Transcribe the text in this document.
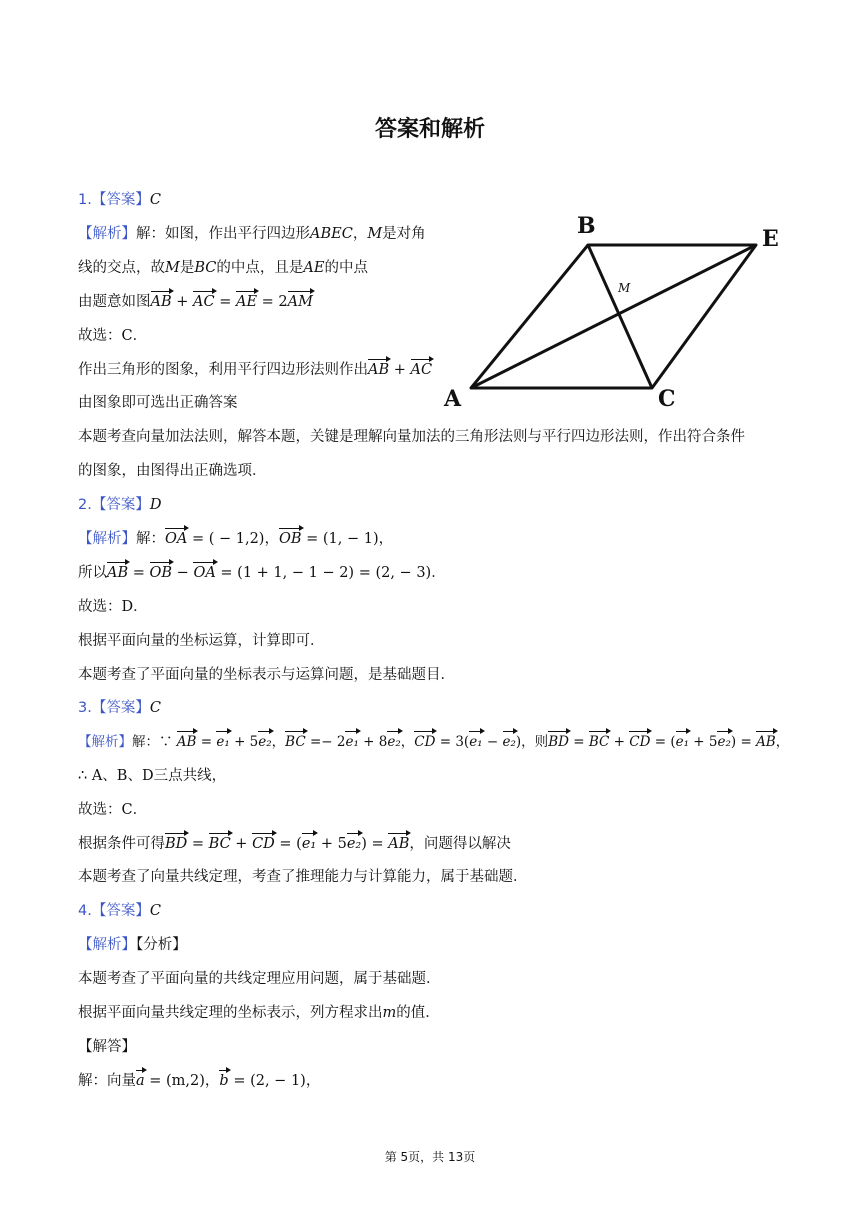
答案和解析
B	E
A	C
M
1.【答案】C
【解析】解：如图，作出平行四边形ABEC，M是对角
线的交点，故M是BC的中点，且是AE的中点
由题意如图AB + AC = AE = 2AM
故选：C．
作出三角形的图象，利用平行四边形法则作出AB + AC
由图象即可选出正确答案
本题考查向量加法法则，解答本题，关键是理解向量加法的三角形法则与平行四边形法则，作出符合条件
的图象，由图得出正确选项．
2.【答案】D
【解析】解：OA = ( − 1,2)，OB = (1, − 1)，
所以AB = OB − OA = (1 + 1, − 1 − 2) = (2, − 3)．
故选：D．
根据平面向量的坐标运算，计算即可．
本题考查了平面向量的坐标表示与运算问题，是基础题目．
3.【答案】C
【解析】解：∵ AB = e₁ + 5e₂，BC =− 2e₁ + 8e₂，CD = 3(e₁ − e₂)，则BD = BC + CD = (e₁ + 5e₂) = AB，
∴ A、B、D三点共线，
故选：C．
根据条件可得BD = BC + CD = (e₁ + 5e₂) = AB，问题得以解决
本题考查了向量共线定理，考查了推理能力与计算能力，属于基础题．
4.【答案】C
【解析】【分析】
本题考查了平面向量的共线定理应用问题，属于基础题．
根据平面向量共线定理的坐标表示，列方程求出m的值．
【解答】
解：向量a = (m,2)，b = (2, − 1)，
第 5页，共 13页
